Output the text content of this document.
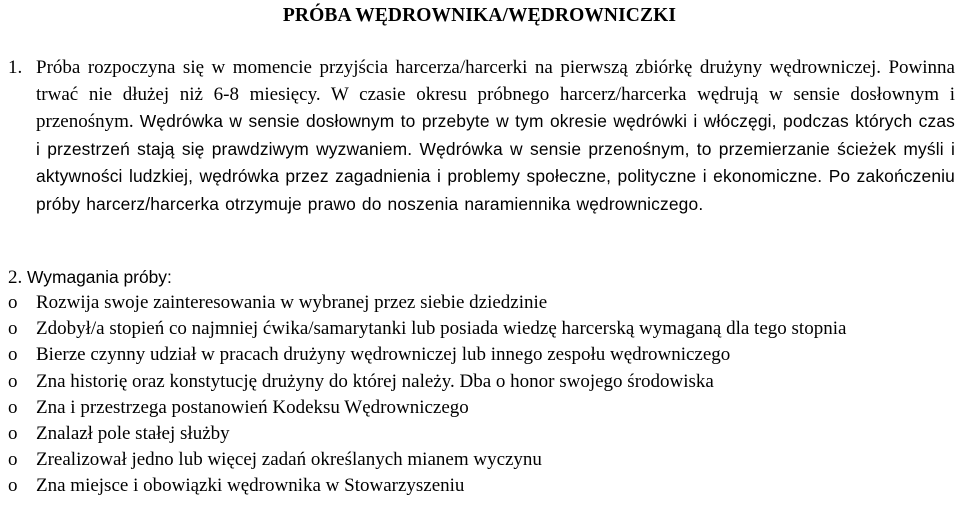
PRÓBA WĘDROWNIKA/WĘDROWNICZKI
1. Próba rozpoczyna się w momencie przyjścia harcerza/harcerki na pierwszą zbiórkę drużyny wędrowniczej. Powinna trwać nie dłużej niż 6-8 miesięcy. W czasie okresu próbnego harcerz/harcerka wędrują w sensie dosłownym i przenośnym. Wędrówka w sensie dosłownym to przebyte w tym okresie wędrówki i włóczęgi, podczas których czas i przestrzeń stają się prawdziwym wyzwaniem. Wędrówka w sensie przenośnym, to przemierzanie ścieżek myśli i aktywności ludzkiej, wędrówka przez zagadnienia i problemy społeczne, polityczne i ekonomiczne. Po zakończeniu próby harcerz/harcerka otrzymuje prawo do noszenia naramiennika wędrowniczego.
2. Wymagania próby:
o Rozwija swoje zainteresowania w wybranej przez siebie dziedzinie
o Zdobył/a stopień co najmniej ćwika/samarytanki lub posiada wiedzę harcerską wymaganą dla tego stopnia
o Bierze czynny udział w pracach drużyny wędrowniczej lub innego zespołu wędrowniczego
o Zna historię oraz konstytucję drużyny do której należy. Dba o honor swojego środowiska
o Zna i przestrzega postanowień Kodeksu Wędrowniczego
o Znalazł pole stałej służby
o Zrealizował jedno lub więcej zadań określanych mianem wyczynu
o Zna miejsce i obowiązki wędrownika w Stowarzyszeniu
